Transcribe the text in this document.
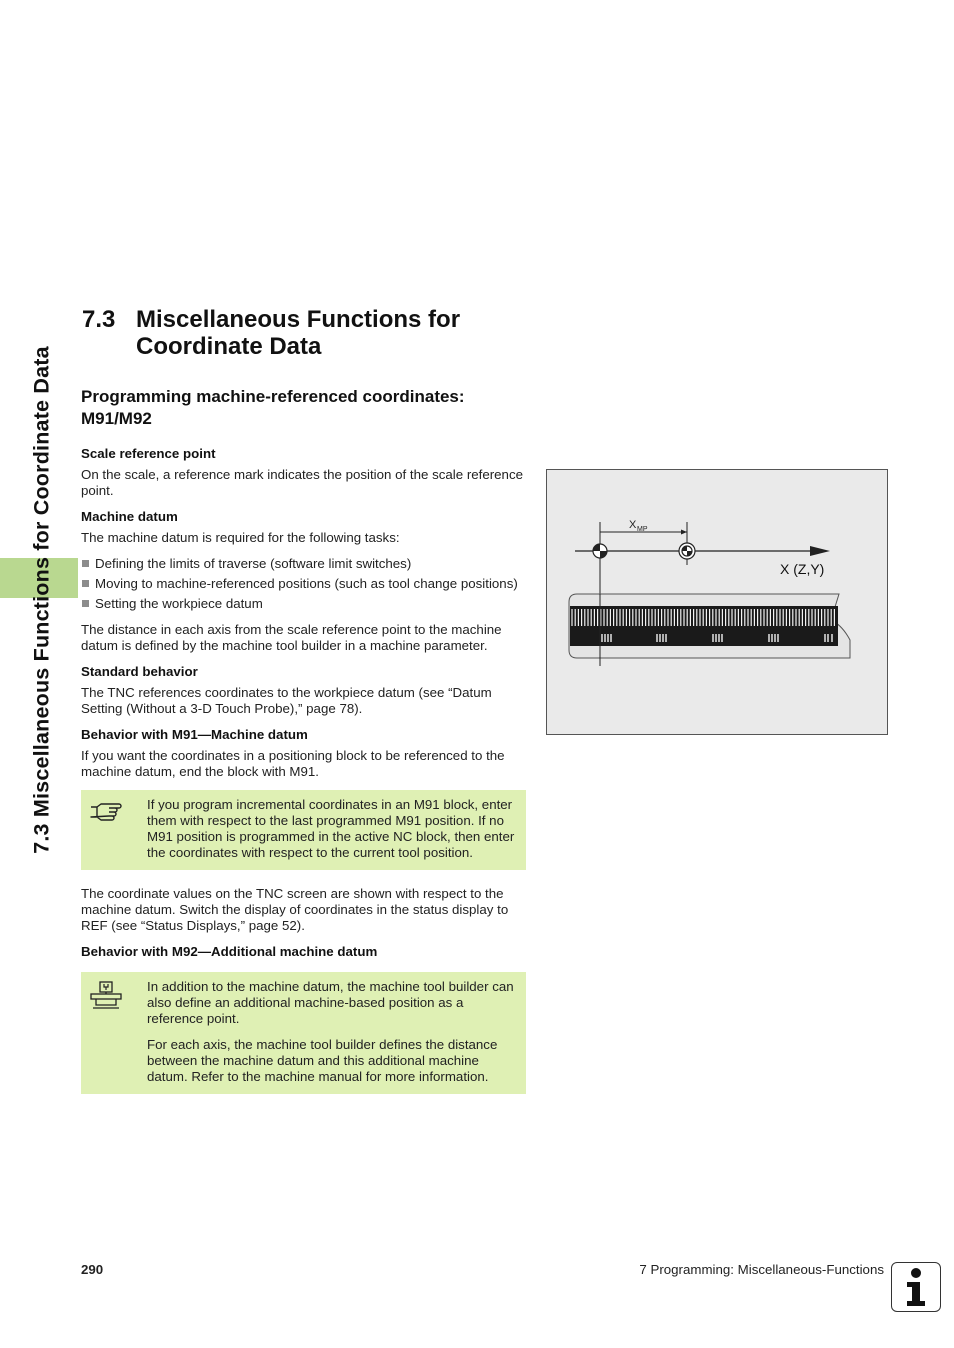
7.3 Miscellaneous Functions for Coordinate Data
7.3 Miscellaneous Functions for
Coordinate Data
Programming machine-referenced coordinates: M91/M92
Scale reference point
On the scale, a reference mark indicates the position of the scale reference point.
Machine datum
The machine datum is required for the following tasks:
Defining the limits of traverse (software limit switches)
Moving to machine-referenced positions (such as tool change positions)
Setting the workpiece datum
The distance in each axis from the scale reference point to the machine datum is defined by the machine tool builder in a machine parameter.
Standard behavior
The TNC references coordinates to the workpiece datum (see “Datum Setting (Without a 3-D Touch Probe),” page 78).
Behavior with M91—Machine datum
If you want the coordinates in a positioning block to be referenced to the machine datum, end the block with M91.
If you program incremental coordinates in an M91 block, enter them with respect to the last programmed M91 position. If no M91 position is programmed in the active NC block, then enter the coordinates with respect to the current tool position.
The coordinate values on the TNC screen are shown with respect to the machine datum. Switch the display of coordinates in the status display to REF (see “Status Displays,” page 52).
Behavior with M92—Additional machine datum
In addition to the machine datum, the machine tool builder can also define an additional machine-based position as a reference point.
For each axis, the machine tool builder defines the distance between the machine datum and this additional machine datum. Refer to the machine manual for more information.
X MP
X (Z,Y)
290	7 Programming: Miscellaneous-Functions
